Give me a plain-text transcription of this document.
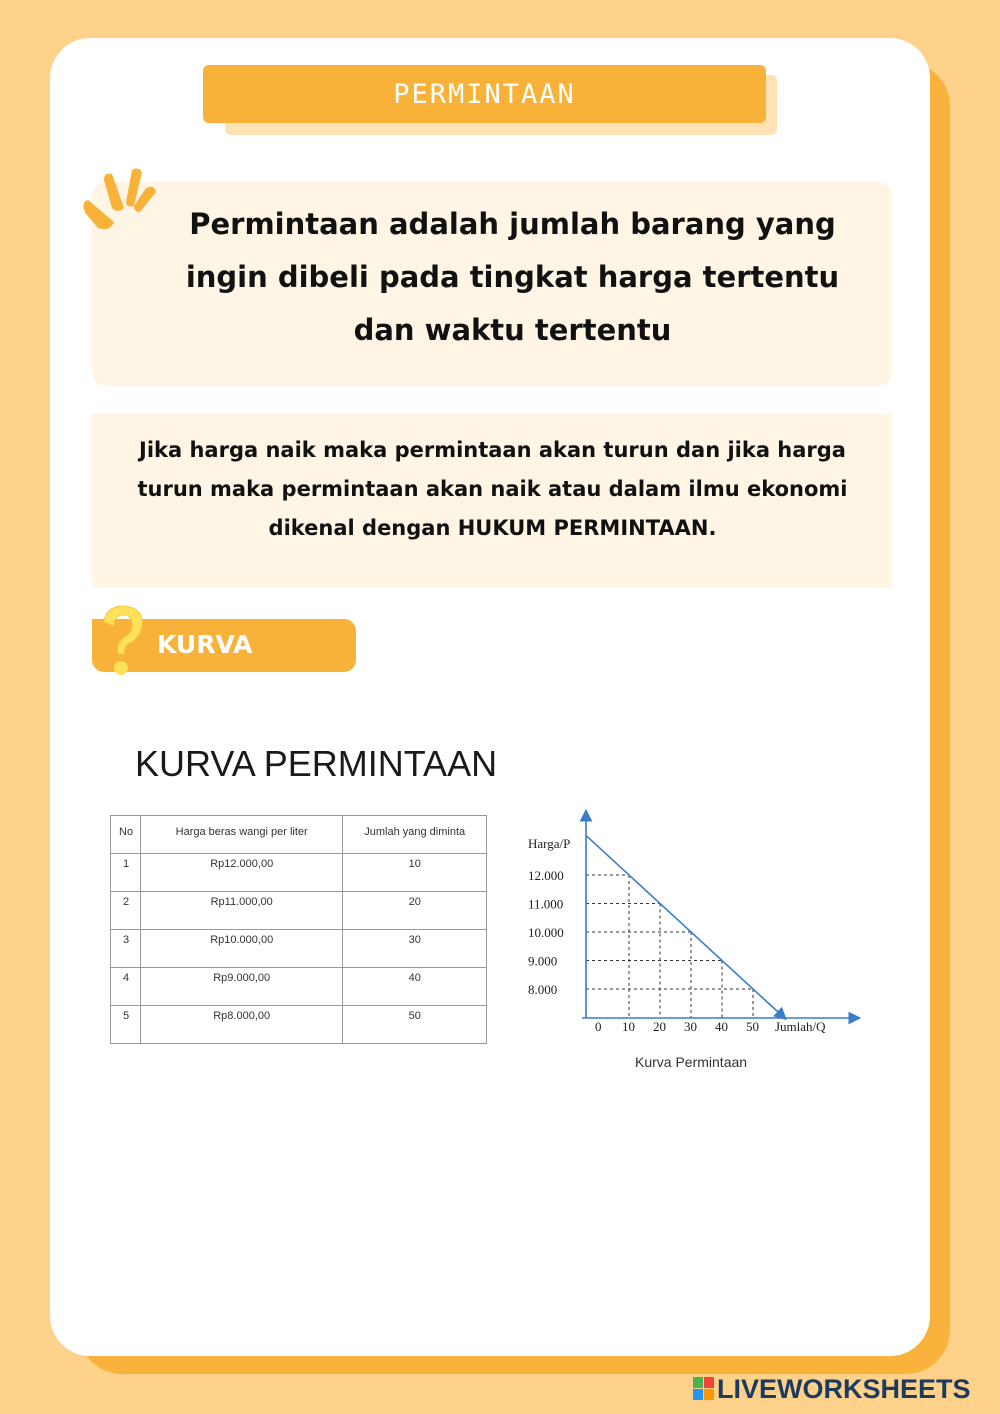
PERMINTAAN
Permintaan adalah jumlah barang yang
ingin dibeli pada tingkat harga tertentu
dan waktu tertentu
Jika harga naik maka permintaan akan turun dan jika harga
turun maka permintaan akan naik atau dalam ilmu ekonomi
dikenal dengan HUKUM PERMINTAAN.
KURVA
KURVA PERMINTAAN
No	Harga beras wangi per liter	Jumlah yang diminta
1	Rp12.000,00	10
2	Rp11.000,00	20
3	Rp10.000,00	30
4	Rp9.000,00	40
5	Rp8.000,00	50
12.000
11.000
10.000
9.000
8.000
0 10 20 30 40 50
Harga/P
Jumlah/Q
Kurva Permintaan
LIVEWORKSHEETS
